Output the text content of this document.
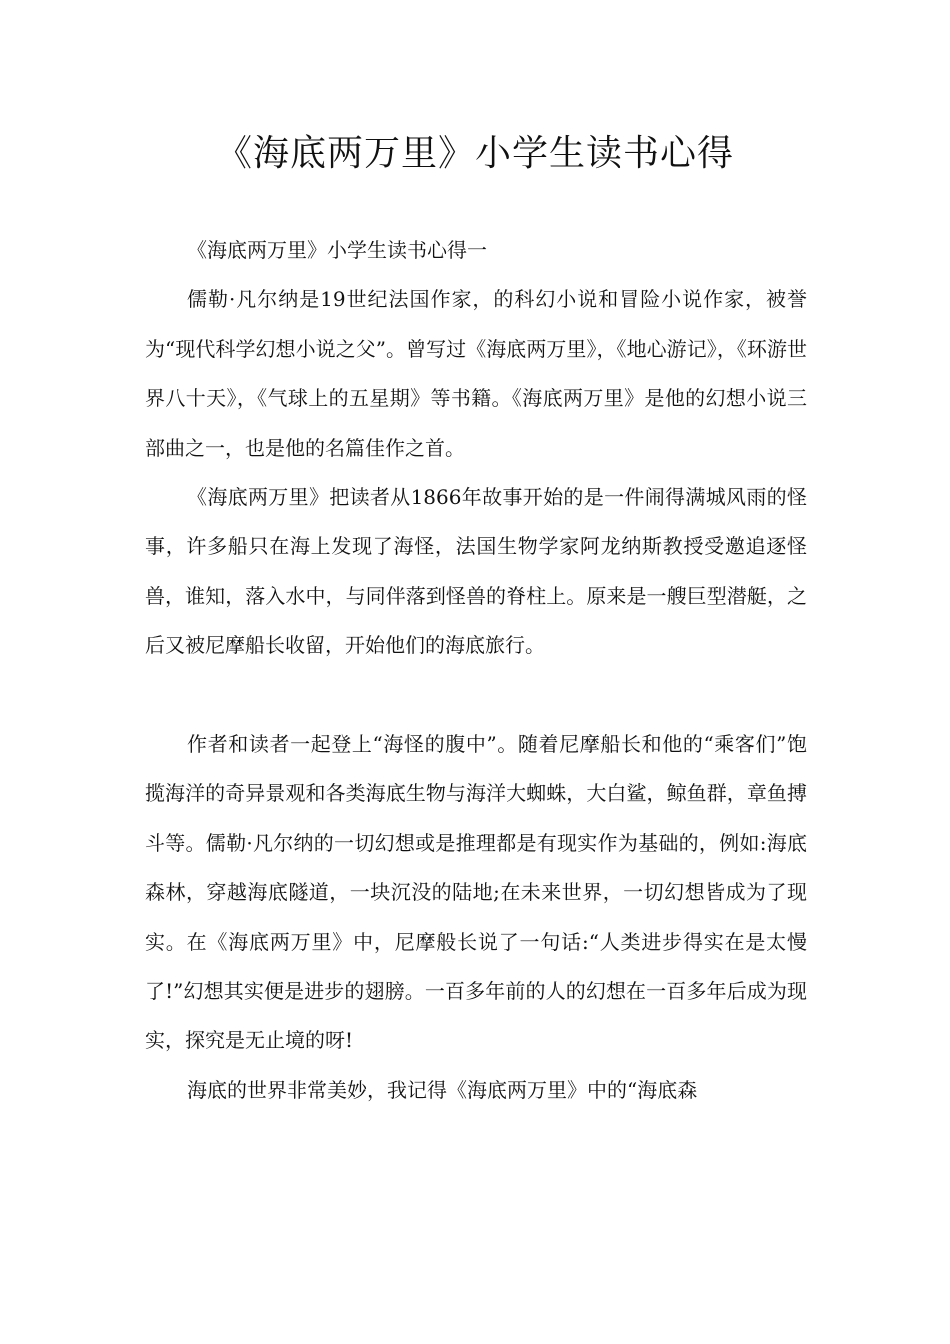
《海底两万里》小学生读书心得

《海底两万里》小学生读书心得一

儒勒·凡尔纳是19世纪法国作家，的科幻小说和冒险小说作家，被誉为“现代科学幻想小说之父”。曾写过《海底两万里》，《地心游记》，《环游世界八十天》，《气球上的五星期》等书籍。《海底两万里》是他的幻想小说三部曲之一，也是他的名篇佳作之首。

《海底两万里》把读者从1866年故事开始的是一件闹得满城风雨的怪事，许多船只在海上发现了海怪，法国生物学家阿龙纳斯教授受邀追逐怪兽，谁知，落入水中，与同伴落到怪兽的脊柱上。原来是一艘巨型潜艇，之后又被尼摩船长收留，开始他们的海底旅行。

作者和读者一起登上“海怪的腹中”。随着尼摩船长和他的“乘客们”饱揽海洋的奇异景观和各类海底生物与海洋大蜘蛛，大白鲨，鲸鱼群，章鱼搏斗等。儒勒·凡尔纳的一切幻想或是推理都是有现实作为基础的，例如:海底森林，穿越海底隧道，一块沉没的陆地;在未来世界，一切幻想皆成为了现实。在《海底两万里》中，尼摩般长说了一句话:“人类进步得实在是太慢了!”幻想其实便是进步的翅膀。一百多年前的人的幻想在一百多年后成为现实，探究是无止境的呀!

海底的世界非常美妙，我记得《海底两万里》中的“海底森
